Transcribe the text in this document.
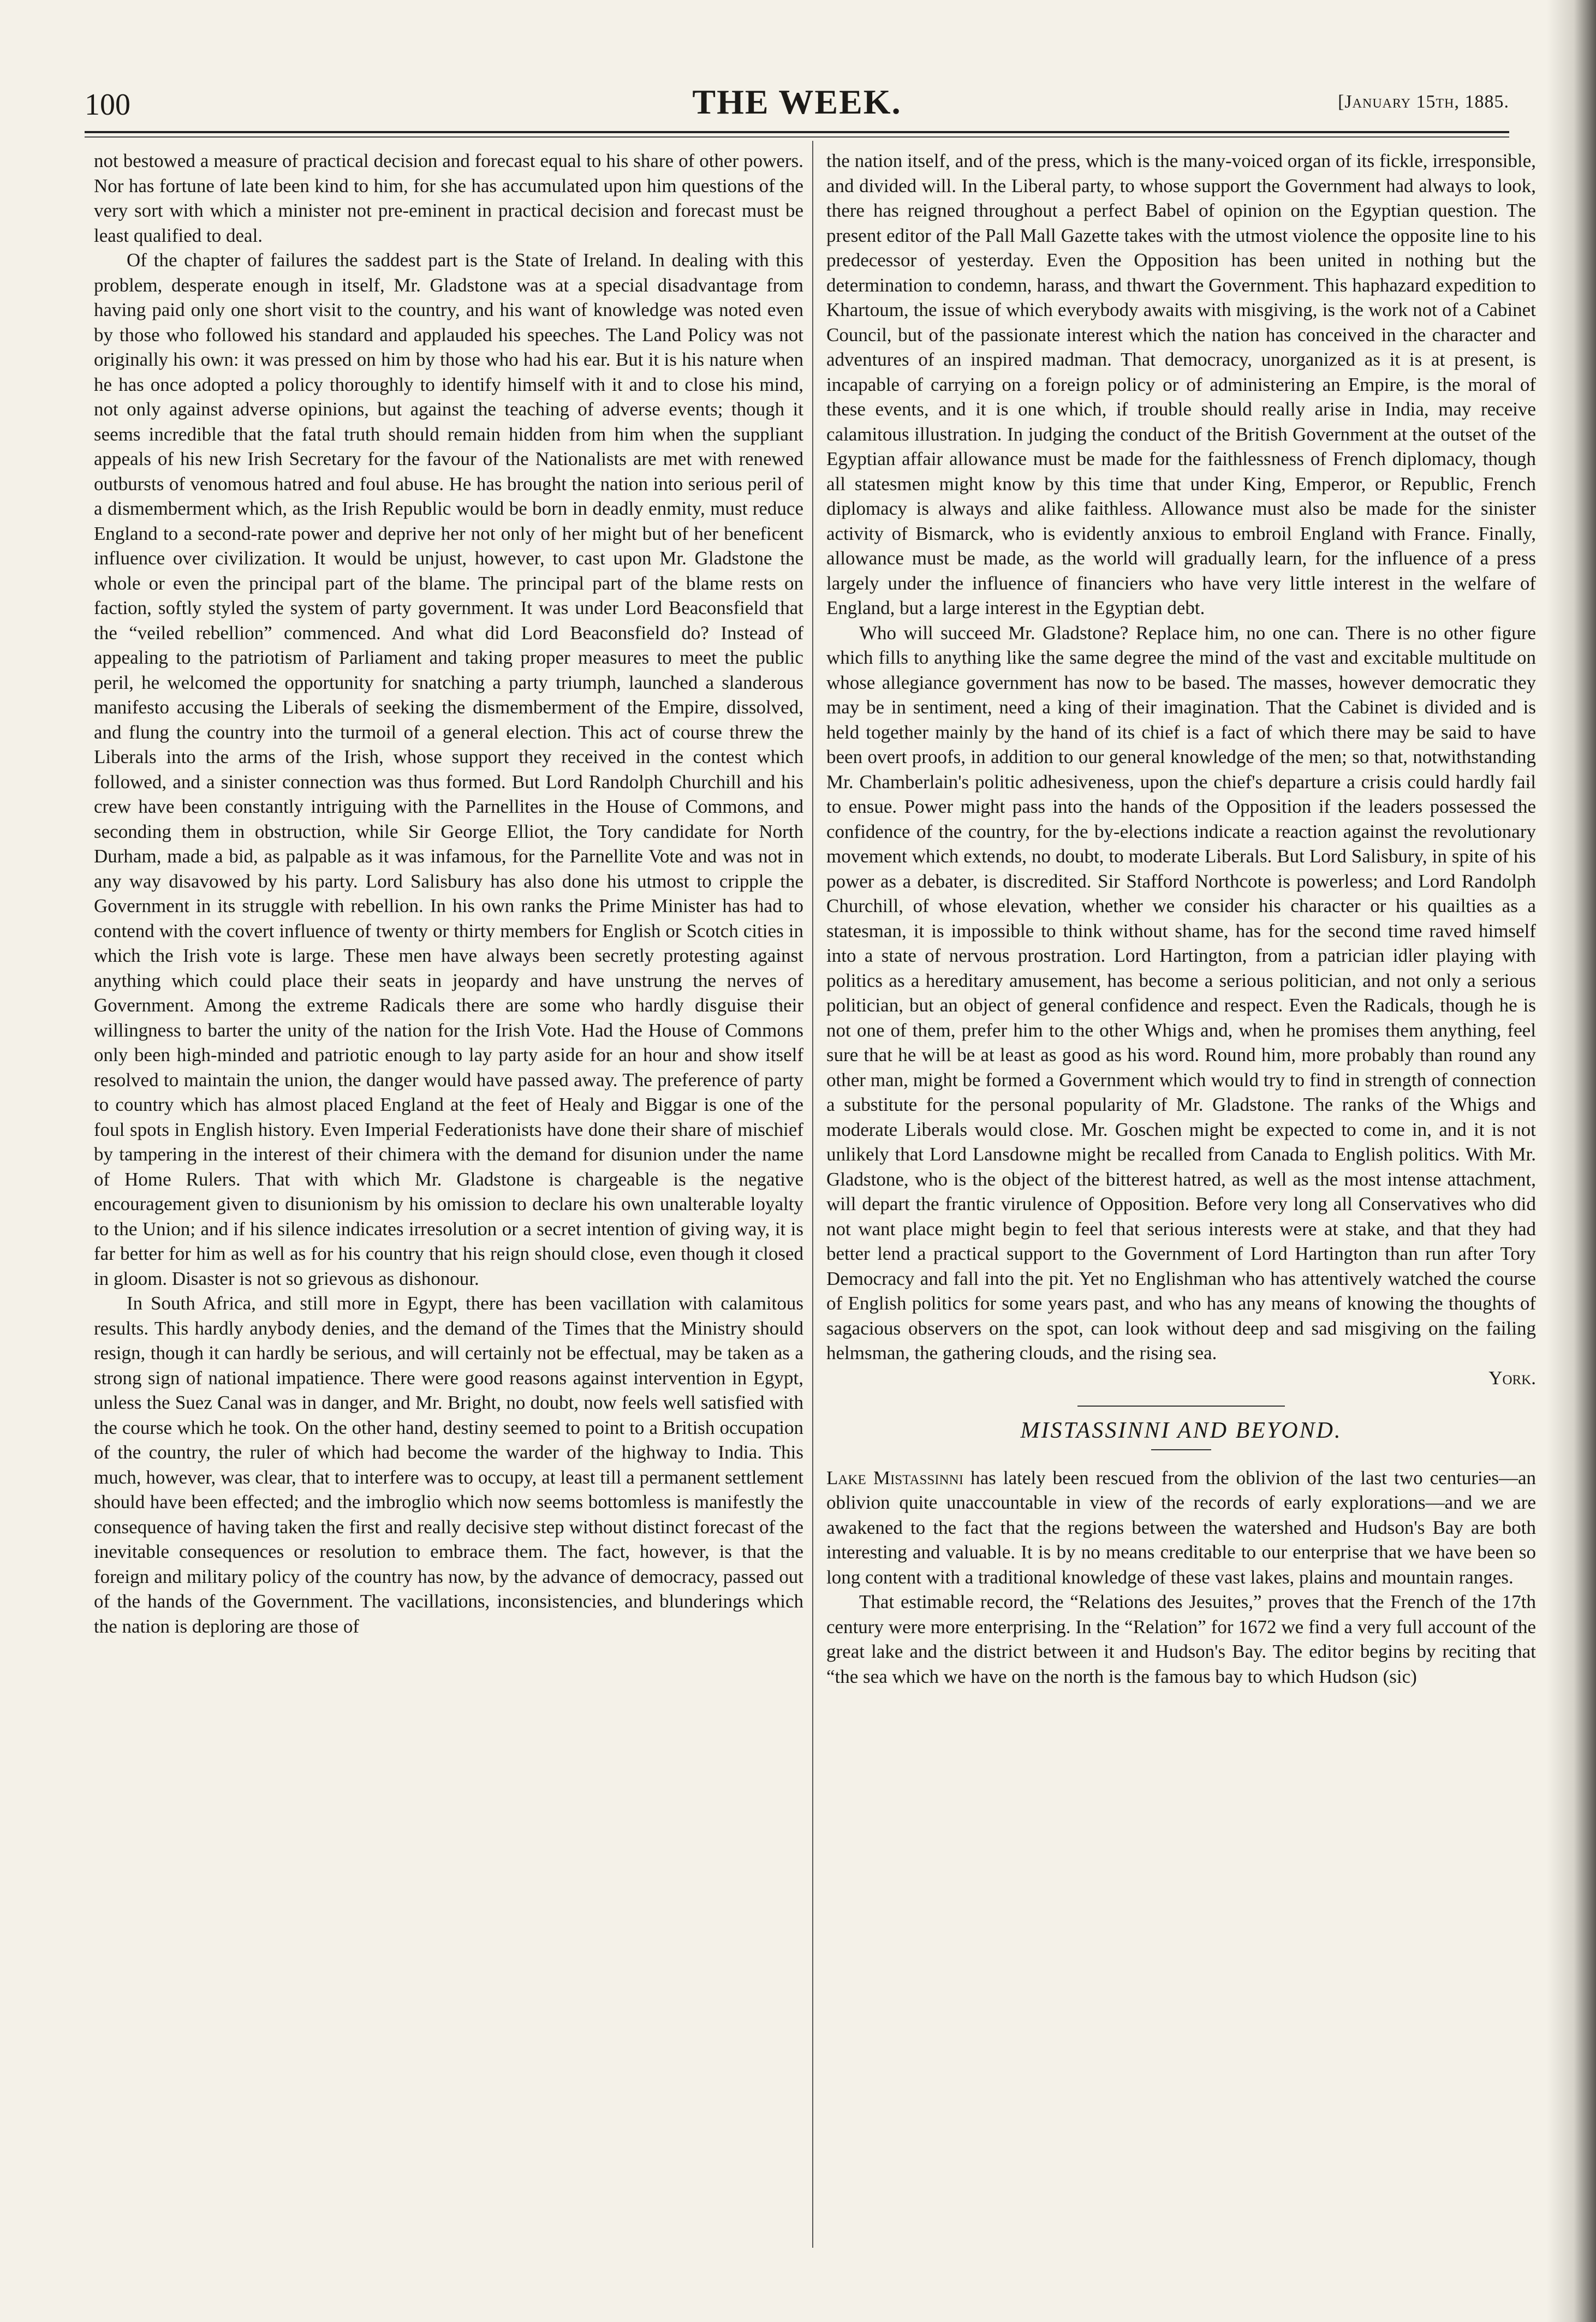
100	THE WEEK.	[January 15th, 1885.

not bestowed a measure of practical decision and forecast equal to his share of other powers. Nor has fortune of late been kind to him, for she has accumulated upon him questions of the very sort with which a minister not pre-eminent in practical decision and forecast must be least qualified to deal.

Of the chapter of failures the saddest part is the State of Ireland. In dealing with this problem, desperate enough in itself, Mr. Gladstone was at a special disadvantage from having paid only one short visit to the country, and his want of knowledge was noted even by those who followed his standard and applauded his speeches. The Land Policy was not originally his own: it was pressed on him by those who had his ear. But it is his nature when he has once adopted a policy thoroughly to identify himself with it and to close his mind, not only against adverse opinions, but against the teaching of adverse events; though it seems incredible that the fatal truth should remain hidden from him when the suppliant appeals of his new Irish Secretary for the favour of the Nationalists are met with renewed outbursts of venomous hatred and foul abuse. He has brought the nation into serious peril of a dismemberment which, as the Irish Republic would be born in deadly enmity, must reduce England to a second-rate power and deprive her not only of her might but of her beneficent influence over civilization. It would be unjust, however, to cast upon Mr. Gladstone the whole or even the principal part of the blame. The principal part of the blame rests on faction, softly styled the system of party government. It was under Lord Beaconsfield that the “veiled rebellion” commenced. And what did Lord Beaconsfield do? Instead of appealing to the patriotism of Parliament and taking proper measures to meet the public peril, he welcomed the opportunity for snatching a party triumph, launched a slanderous manifesto accusing the Liberals of seeking the dismemberment of the Empire, dissolved, and flung the country into the turmoil of a general election. This act of course threw the Liberals into the arms of the Irish, whose support they received in the contest which followed, and a sinister connection was thus formed. But Lord Randolph Churchill and his crew have been constantly intriguing with the Parnellites in the House of Commons, and seconding them in obstruction, while Sir George Elliot, the Tory candidate for North Durham, made a bid, as palpable as it was infamous, for the Parnellite Vote and was not in any way disavowed by his party. Lord Salisbury has also done his utmost to cripple the Government in its struggle with rebellion. In his own ranks the Prime Minister has had to contend with the covert influence of twenty or thirty members for English or Scotch cities in which the Irish vote is large. These men have always been secretly protesting against anything which could place their seats in jeopardy and have unstrung the nerves of Government. Among the extreme Radicals there are some who hardly disguise their willingness to barter the unity of the nation for the Irish Vote. Had the House of Commons only been high-minded and patriotic enough to lay party aside for an hour and show itself resolved to maintain the union, the danger would have passed away. The preference of party to country which has almost placed England at the feet of Healy and Biggar is one of the foul spots in English history. Even Imperial Federationists have done their share of mischief by tampering in the interest of their chimera with the demand for disunion under the name of Home Rulers. That with which Mr. Gladstone is chargeable is the negative encouragement given to disunionism by his omission to declare his own unalterable loyalty to the Union; and if his silence indicates irresolution or a secret intention of giving way, it is far better for him as well as for his country that his reign should close, even though it closed in gloom. Disaster is not so grievous as dishonour.

In South Africa, and still more in Egypt, there has been vacillation with calamitous results. This hardly anybody denies, and the demand of the Times that the Ministry should resign, though it can hardly be serious, and will certainly not be effectual, may be taken as a strong sign of national impatience. There were good reasons against intervention in Egypt, unless the Suez Canal was in danger, and Mr. Bright, no doubt, now feels well satisfied with the course which he took. On the other hand, destiny seemed to point to a British occupation of the country, the ruler of which had become the warder of the highway to India. This much, however, was clear, that to interfere was to occupy, at least till a permanent settlement should have been effected; and the imbroglio which now seems bottomless is manifestly the consequence of having taken the first and really decisive step without distinct forecast of the inevitable consequences or resolution to embrace them. The fact, however, is that the foreign and military policy of the country has now, by the advance of democracy, passed out of the hands of the Government. The vacillations, inconsistencies, and blunderings which the nation is deploring are those of

the nation itself, and of the press, which is the many-voiced organ of its fickle, irresponsible, and divided will. In the Liberal party, to whose support the Government had always to look, there has reigned throughout a perfect Babel of opinion on the Egyptian question. The present editor of the Pall Mall Gazette takes with the utmost violence the opposite line to his predecessor of yesterday. Even the Opposition has been united in nothing but the determination to condemn, harass, and thwart the Government. This haphazard expedition to Khartoum, the issue of which everybody awaits with misgiving, is the work not of a Cabinet Council, but of the passionate interest which the nation has conceived in the character and adventures of an inspired madman. That democracy, unorganized as it is at present, is incapable of carrying on a foreign policy or of administering an Empire, is the moral of these events, and it is one which, if trouble should really arise in India, may receive calamitous illustration. In judging the conduct of the British Government at the outset of the Egyptian affair allowance must be made for the faithlessness of French diplomacy, though all statesmen might know by this time that under King, Emperor, or Republic, French diplomacy is always and alike faithless. Allowance must also be made for the sinister activity of Bismarck, who is evidently anxious to embroil England with France. Finally, allowance must be made, as the world will gradually learn, for the influence of a press largely under the influence of financiers who have very little interest in the welfare of England, but a large interest in the Egyptian debt.

Who will succeed Mr. Gladstone? Replace him, no one can. There is no other figure which fills to anything like the same degree the mind of the vast and excitable multitude on whose allegiance government has now to be based. The masses, however democratic they may be in sentiment, need a king of their imagination. That the Cabinet is divided and is held together mainly by the hand of its chief is a fact of which there may be said to have been overt proofs, in addition to our general knowledge of the men; so that, notwithstanding Mr. Chamberlain's politic adhesiveness, upon the chief's departure a crisis could hardly fail to ensue. Power might pass into the hands of the Opposition if the leaders possessed the confidence of the country, for the by-elections indicate a reaction against the revolutionary movement which extends, no doubt, to moderate Liberals. But Lord Salisbury, in spite of his power as a debater, is discredited. Sir Stafford Northcote is powerless; and Lord Randolph Churchill, of whose elevation, whether we consider his character or his quailties as a statesman, it is impossible to think without shame, has for the second time raved himself into a state of nervous prostration. Lord Hartington, from a patrician idler playing with politics as a hereditary amusement, has become a serious politician, and not only a serious politician, but an object of general confidence and respect. Even the Radicals, though he is not one of them, prefer him to the other Whigs and, when he promises them anything, feel sure that he will be at least as good as his word. Round him, more probably than round any other man, might be formed a Government which would try to find in strength of connection a substitute for the personal popularity of Mr. Gladstone. The ranks of the Whigs and moderate Liberals would close. Mr. Goschen might be expected to come in, and it is not unlikely that Lord Lansdowne might be recalled from Canada to English politics. With Mr. Gladstone, who is the object of the bitterest hatred, as well as the most intense attachment, will depart the frantic virulence of Opposition. Before very long all Conservatives who did not want place might begin to feel that serious interests were at stake, and that they had better lend a practical support to the Government of Lord Hartington than run after Tory Democracy and fall into the pit. Yet no Englishman who has attentively watched the course of English politics for some years past, and who has any means of knowing the thoughts of sagacious observers on the spot, can look without deep and sad misgiving on the failing helmsman, the gathering clouds, and the rising sea.

York.

MISTASSINNI AND BEYOND.

Lake Mistassinni has lately been rescued from the oblivion of the last two centuries—an oblivion quite unaccountable in view of the records of early explorations—and we are awakened to the fact that the regions between the watershed and Hudson's Bay are both interesting and valuable. It is by no means creditable to our enterprise that we have been so long content with a traditional knowledge of these vast lakes, plains and mountain ranges.

That estimable record, the “Relations des Jesuites,” proves that the French of the 17th century were more enterprising. In the “Relation” for 1672 we find a very full account of the great lake and the district between it and Hudson's Bay. The editor begins by reciting that “the sea which we have on the north is the famous bay to which Hudson (sic)
